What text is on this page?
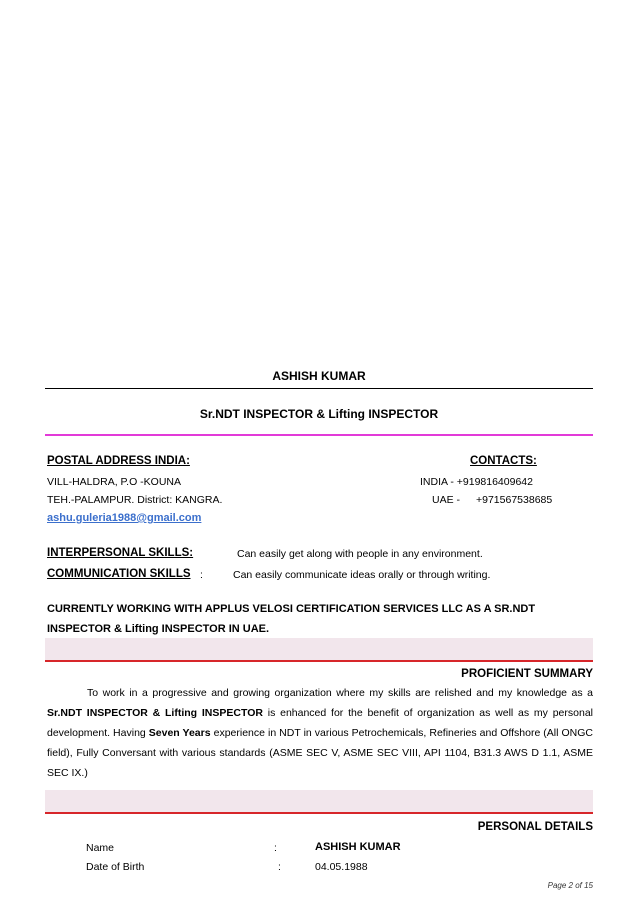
ASHISH KUMAR
Sr.NDT INSPECTOR & Lifting INSPECTOR
POSTAL ADDRESS INDIA:	CONTACTS:
VILL-HALDRA, P.O -KOUNA	INDIA - +919816409642
TEH.-PALAMPUR. District: KANGRA.	UAE - +971567538685
ashu.guleria1988@gmail.com
INTERPERSONAL SKILLS:	Can easily get along with people in any environment.
COMMUNICATION SKILLS :	Can easily communicate ideas orally or through writing.
CURRENTLY WORKING WITH APPLUS VELOSI CERTIFICATION SERVICES LLC AS A SR.NDT
INSPECTOR & Lifting INSPECTOR IN UAE.
PROFICIENT SUMMARY
To work in a progressive and growing organization where my skills are relished and my knowledge as a Sr.NDT INSPECTOR & Lifting INSPECTOR is enhanced for the benefit of organization as well as my personal development. Having Seven Years experience in NDT in various Petrochemicals, Refineries and Offshore (All ONGC field), Fully Conversant with various standards (ASME SEC V, ASME SEC VIII, API 1104, B31.3 AWS D 1.1, ASME SEC IX.)
PERSONAL DETAILS
Name	:	ASHISH KUMAR
Date of Birth	:	04.05.1988
Page 2 of 15
